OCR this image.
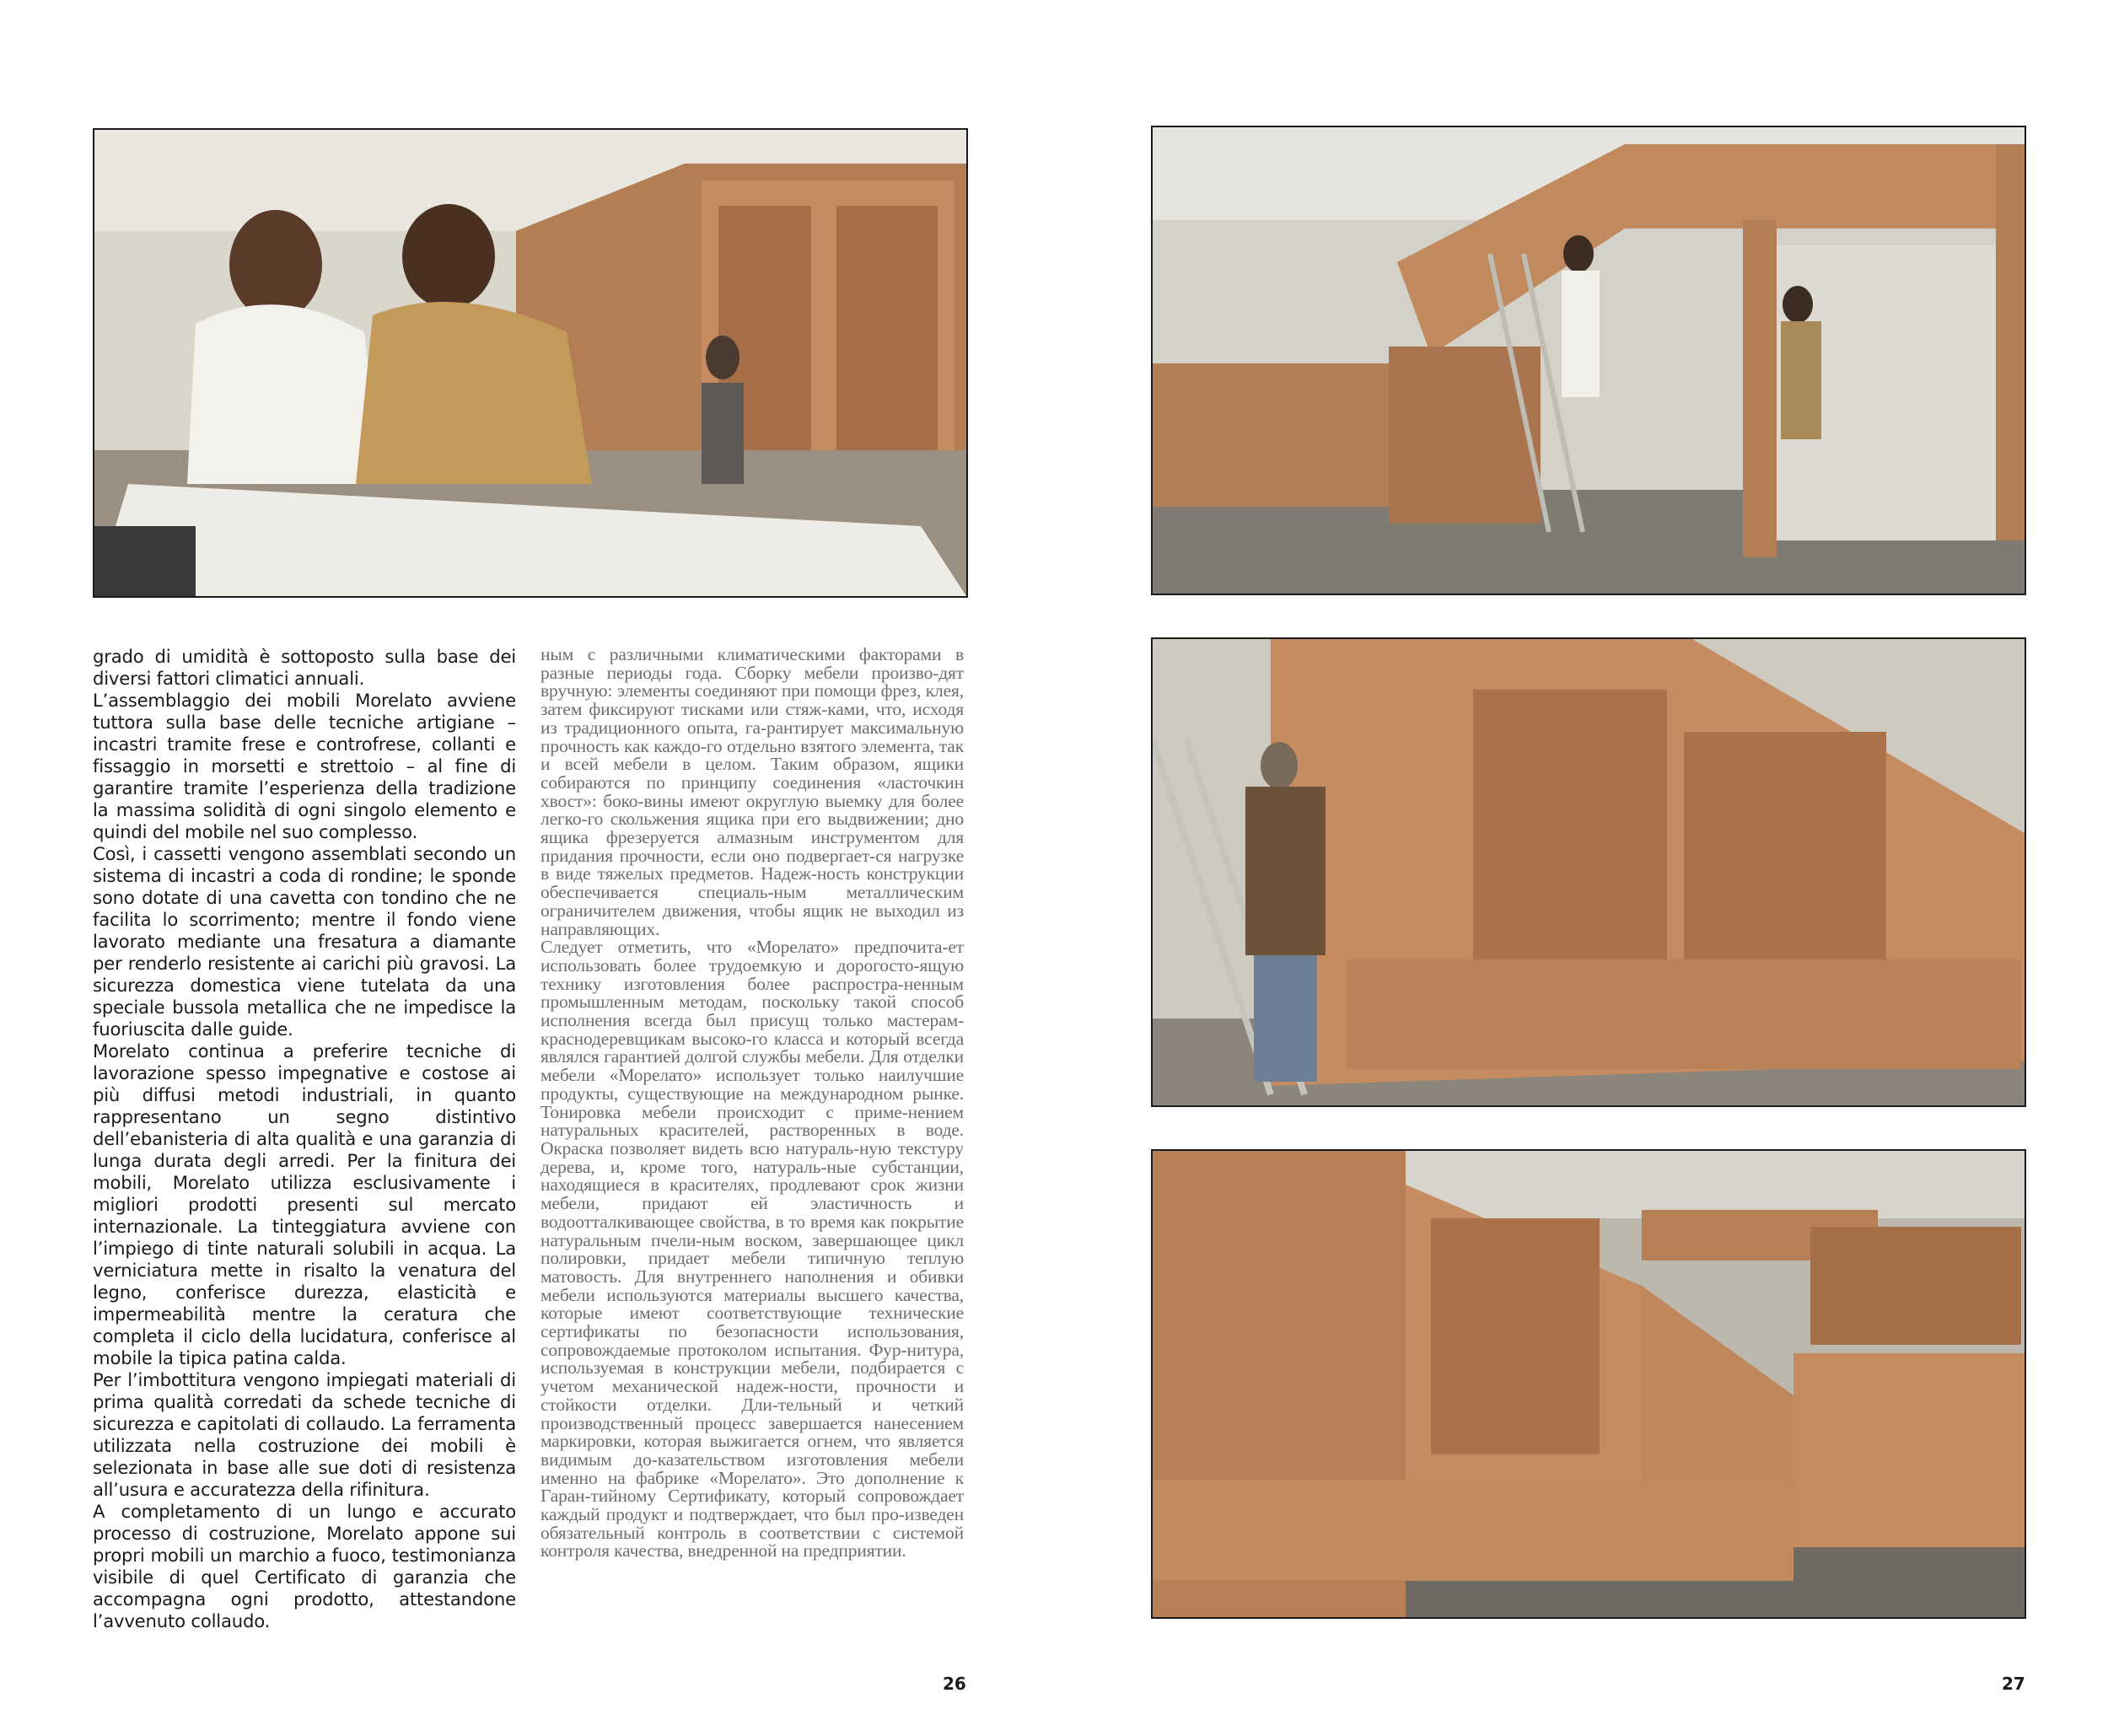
grado di umidità è sottoposto sulla base dei diversi fattori climatici annuali.

L’assemblaggio dei mobili Morelato avviene tuttora sulla base delle tecniche artigiane – incastri tramite frese e controfrese, collanti e fissaggio in morsetti e strettoio – al fine di garantire tramite l’esperienza della tradizione la massima solidità di ogni singolo elemento e quindi del mobile nel suo complesso.

Così, i cassetti vengono assemblati secondo un sistema di incastri a coda di rondine; le sponde sono dotate di una cavetta con tondino che ne facilita lo scorrimento; mentre il fondo viene lavorato mediante una fresatura a diamante per renderlo resistente ai carichi più gravosi. La sicurezza domestica viene tutelata da una speciale bussola metallica che ne impedisce la fuoriuscita dalle guide.

Morelato continua a preferire tecniche di lavorazione spesso impegnative e costose ai più diffusi metodi industriali, in quanto rappresentano un segno distintivo dell’ebanisteria di alta qualità e una garanzia di lunga durata degli arredi. Per la finitura dei mobili, Morelato utilizza esclusivamente i migliori prodotti presenti sul mercato internazionale. La tinteggiatura avviene con l’impiego di tinte naturali solubili in acqua. La verniciatura mette in risalto la venatura del legno, conferisce durezza, elasticità e impermeabilità mentre la ceratura che completa il ciclo della lucidatura, conferisce al mobile la tipica patina calda.

Per l’imbottitura vengono impiegati materiali di prima qualità corredati da schede tecniche di sicurezza e capitolati di collaudo. La ferramenta utilizzata nella costruzione dei mobili è selezionata in base alle sue doti di resistenza all’usura e accuratezza della rifinitura.

A completamento di un lungo e accurato processo di costruzione, Morelato appone sui propri mobili un marchio a fuoco, testimonianza visibile di quel Certificato di garanzia che accompagna ogni prodotto, attestandone l’avvenuto collaudo.

ным с различными климатическими факторами в разные периоды года. Сборку мебели произво-дят вручную: элементы соединяют при помощи фрез, клея, затем фиксируют тисками или стяж-ками, что, исходя из традиционного опыта, га-рантирует максимальную прочность как каждо-го отдельно взятого элемента, так и всей мебели в целом. Таким образом, ящики собираются по принципу соединения «ласточкин хвост»: боко-вины имеют округлую выемку для более легко-го скольжения ящика при его выдвижении; дно ящика фрезеруется алмазным инструментом для придания прочности, если оно подвергает-ся нагрузке в виде тяжелых предметов. Надеж-ность конструкции обеспечивается специаль-ным металлическим ограничителем движения, чтобы ящик не выходил из направляющих.

Следует отметить, что «Морелато» предпочита-ет использовать более трудоемкую и дорогосто-ящую технику изготовления более распростра-ненным промышленным методам, поскольку такой способ исполнения всегда был присущ только мастерам-краснодеревщикам высоко-го класса и который всегда являлся гарантией долгой службы мебели. Для отделки мебели «Морелато» использует только наилучшие продукты, существующие на международном рынке. Тонировка мебели происходит с приме-нением натуральных красителей, растворенных в воде. Окраска позволяет видеть всю натураль-ную текстуру дерева, и, кроме того, натураль-ные субстанции, находящиеся в красителях, продлевают срок жизни мебели, придают ей эластичность и водоотталкивающее свойства, в то время как покрытие натуральным пчели-ным воском, завершающее цикл полировки, придает мебели типичную теплую матовость. Для внутреннего наполнения и обивки мебели используются материалы высшего качества, которые имеют соответствующие технические сертификаты по безопасности использования, сопровождаемые протоколом испытания. Фур-нитура, используемая в конструкции мебели, подбирается с учетом механической надеж-ности, прочности и стойкости отделки. Дли-тельный и четкий производственный процесс завершается нанесением маркировки, которая выжигается огнем, что является видимым до-казательством изготовления мебели именно на фабрике «Морелато». Это дополнение к Гаран-тийному Сертификату, который сопровождает каждый продукт и подтверждает, что был про-изведен обязательный контроль в соответствии с системой контроля качества, внедренной на предприятии.

26	27
